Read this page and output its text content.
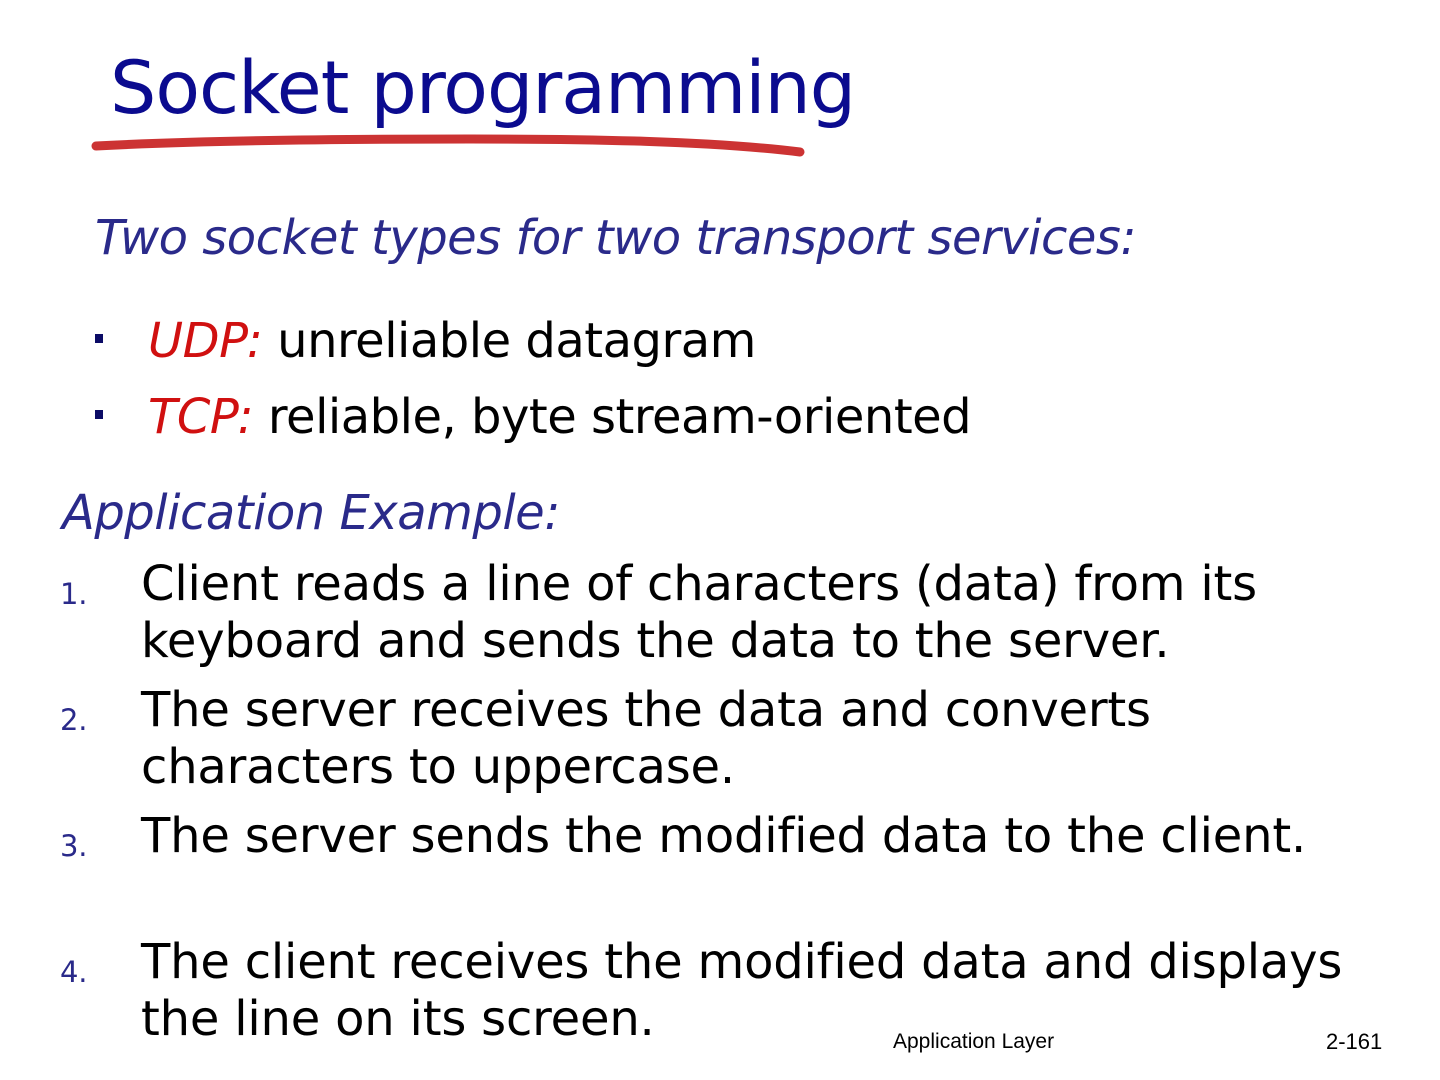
Socket programming
Two socket types for two transport services:
UDP: unreliable datagram
TCP: reliable, byte stream-oriented
Application Example:
1. Client reads a line of characters (data) from its keyboard and sends the data to the server.
2. The server receives the data and converts characters to uppercase.
3. The server sends the modified data to the client.
4. The client receives the modified data and displays the line on its screen.	Application Layer	2-161
